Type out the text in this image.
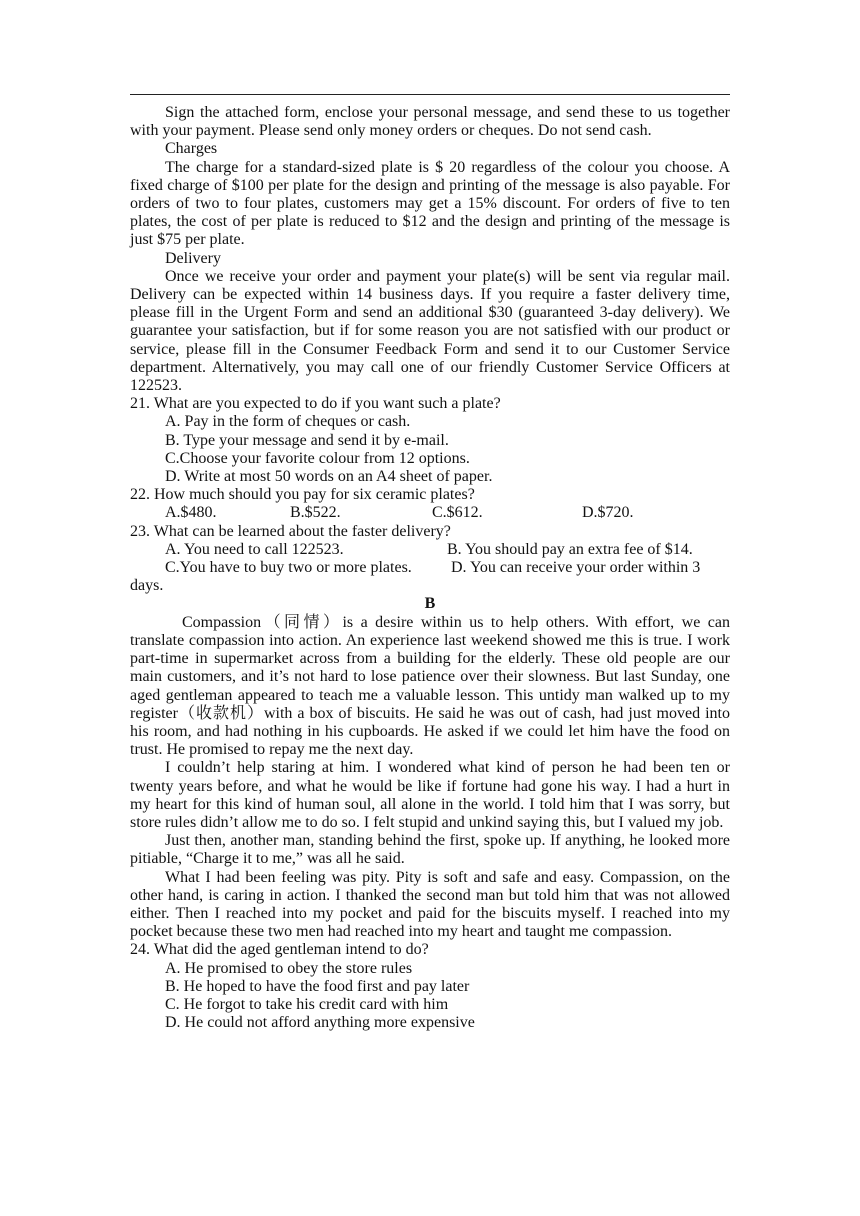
Sign the attached form, enclose your personal message, and send these to us together with your payment. Please send only money orders or cheques. Do not send cash.

Charges

The charge for a standard-sized plate is $ 20 regardless of the colour you choose. A fixed charge of $100 per plate for the design and printing of the message is also payable. For orders of two to four plates, customers may get a 15% discount. For orders of five to ten plates, the cost of per plate is reduced to $12 and the design and printing of the message is just $75 per plate.

Delivery

Once we receive your order and payment your plate(s) will be sent via regular mail. Delivery can be expected within 14 business days. If you require a faster delivery time, please fill in the Urgent Form and send an additional $30 (guaranteed 3-day delivery). We guarantee your satisfaction, but if for some reason you are not satisfied with our product or service, please fill in the Consumer Feedback Form and send it to our Customer Service department. Alternatively, you may call one of our friendly Customer Service Officers at 122523.

21. What are you expected to do if you want such a plate?

A. Pay in the form of cheques or cash.

B. Type your message and send it by e-mail.

C.Choose your favorite colour from 12 options.

D. Write at most 50 words on an A4 sheet of paper.

22. How much should you pay for six ceramic plates?

A.$480.	B.$522.	C.$612.	D.$720.

23. What can be learned about the faster delivery?

A. You need to call 122523.	B. You should pay an extra fee of $14.
C.You have to buy two or more plates.	D. You can receive your order within 3

days.

B

Compassion（同情）is a desire within us to help others. With effort, we can translate compassion into action. An experience last weekend showed me this is true. I work part-time in supermarket across from a building for the elderly. These old people are our main customers, and it’s not hard to lose patience over their slowness. But last Sunday, one aged gentleman appeared to teach me a valuable lesson. This untidy man walked up to my register（收款机）with a box of biscuits. He said he was out of cash, had just moved into his room, and had nothing in his cupboards. He asked if we could let him have the food on trust. He promised to repay me the next day.

I couldn’t help staring at him. I wondered what kind of person he had been ten or twenty years before, and what he would be like if fortune had gone his way. I had a hurt in my heart for this kind of human soul, all alone in the world. I told him that I was sorry, but store rules didn’t allow me to do so. I felt stupid and unkind saying this, but I valued my job.

Just then, another man, standing behind the first, spoke up. If anything, he looked more pitiable, “Charge it to me,” was all he said.

What I had been feeling was pity. Pity is soft and safe and easy. Compassion, on the other hand, is caring in action. I thanked the second man but told him that was not allowed either. Then I reached into my pocket and paid for the biscuits myself. I reached into my pocket because these two men had reached into my heart and taught me compassion.

24. What did the aged gentleman intend to do?

A. He promised to obey the store rules

B. He hoped to have the food first and pay later

C. He forgot to take his credit card with him

D. He could not afford anything more expensive
